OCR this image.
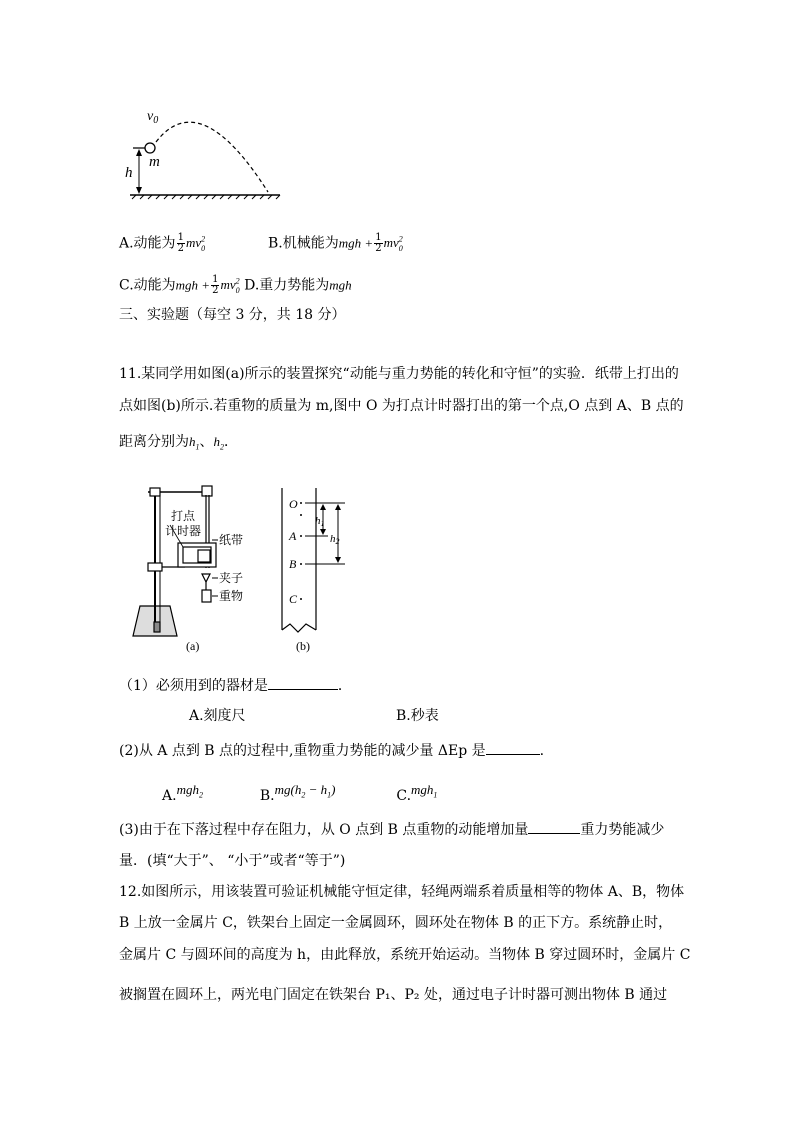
$v_0$
m
h
A.动能为 $\frac{1}{2} mv^2_0$	B.机械能为mgh + $\frac{1}{2} mv^2_0$
C.动能为mgh + $\frac{1}{2} mv^2_0$ D.重力势能为mgh
三、实验题（每空 3 分，共 18 分）
11.某同学用如图(a)所示的装置探究“动能与重力势能的转化和守恒”的实验．纸带上打出的
点如图(b)所示.若重物的质量为 m,图中 O 为打点计时器打出的第一个点,O 点到 A、B 点的
距离分别为$h_1$、$h_2$．
打点
计时器
纸带
夹子
重物
(a)
O
A
B
C
h1
h2
(b)
（1）必须用到的器材是	．
A.刻度尺	B.秒表
(2)从 A 点到 B 点的过程中,重物重力势能的减少量 ΔEp 是	.
A.mgh$_2$	$B.mg(h_2 - h_1)$	C.mgh$_1$
(3)由于在下落过程中存在阻力，从 O 点到 B 点重物的动能增加量	重力势能减少
量．(填“大于”、 “小于”或者“等于”)
12.如图所示，用该装置可验证机械能守恒定律，轻绳两端系着质量相等的物体 A、B，物体
B 上放一金属片 C，铁架台上固定一金属圆环，圆环处在物体 B 的正下方。系统静止时，
金属片 C 与圆环间的高度为 h，由此释放，系统开始运动。当物体 B 穿过圆环时，金属片 C
被搁置在圆环上，两光电门固定在铁架台 P₁、P₂ 处，通过电子计时器可测出物体 B 通过
